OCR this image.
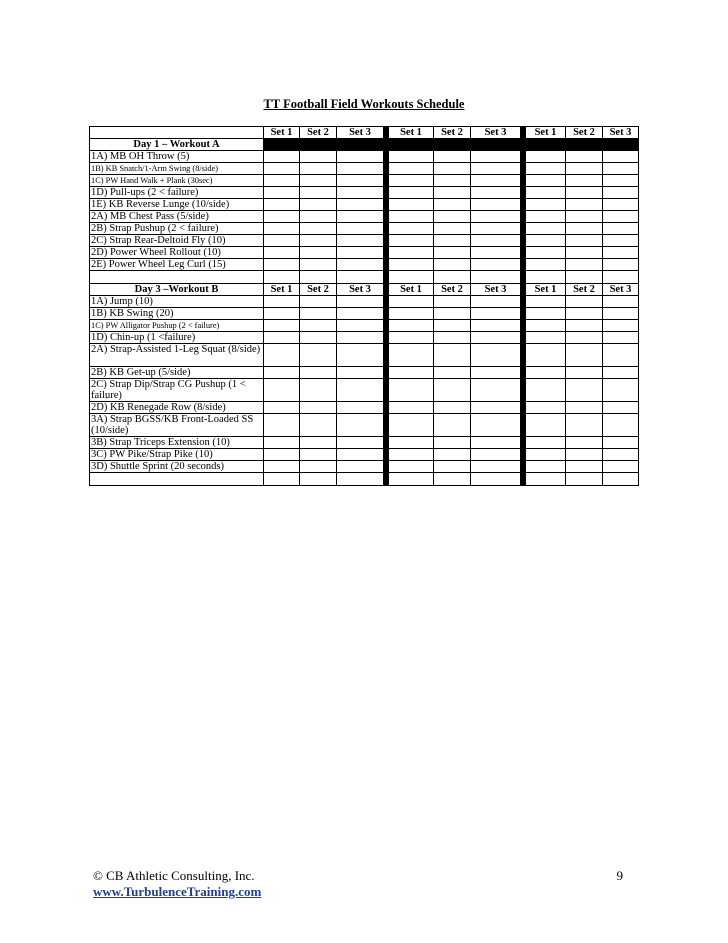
TT Football Field Workouts Schedule
	Set 1	Set 2	Set 3		Set 1	Set 2	Set 3		Set 1	Set 2	Set 3
Day 1 – Workout A											
1A) MB OH Throw (5)											
1B) KB Snatch/1-Arm Swing (8/side)											
1C) PW Hand Walk + Plank (30sec)											
1D) Pull-ups (2 < failure)											
1E) KB Reverse Lunge (10/side)											
2A) MB Chest Pass (5/side)											
2B) Strap Pushup (2 < failure)											
2C) Strap Rear-Deltoid Fly (10)											
2D) Power Wheel Rollout (10)											
2E) Power Wheel Leg Curl (15)											

Day 3 –Workout B	Set 1	Set 2	Set 3		Set 1	Set 2	Set 3		Set 1	Set 2	Set 3
1A) Jump (10)											
1B) KB Swing (20)											
1C) PW Alligator Pushup (2 < failure)											
1D) Chin-up (1 <failure)											
2A) Strap-Assisted 1-Leg Squat (8/side)											
2B) KB Get-up (5/side)											
2C) Strap Dip/Strap CG Pushup (1 < failure)											
2D) KB Renegade Row (8/side)											
3A) Strap BGSS/KB Front-Loaded SS (10/side)											
3B) Strap Triceps Extension (10)											
3C) PW Pike/Strap Pike (10)											
3D) Shuttle Sprint (20 seconds)											

© CB Athletic Consulting, Inc.
www.TurbulenceTraining.com
9
